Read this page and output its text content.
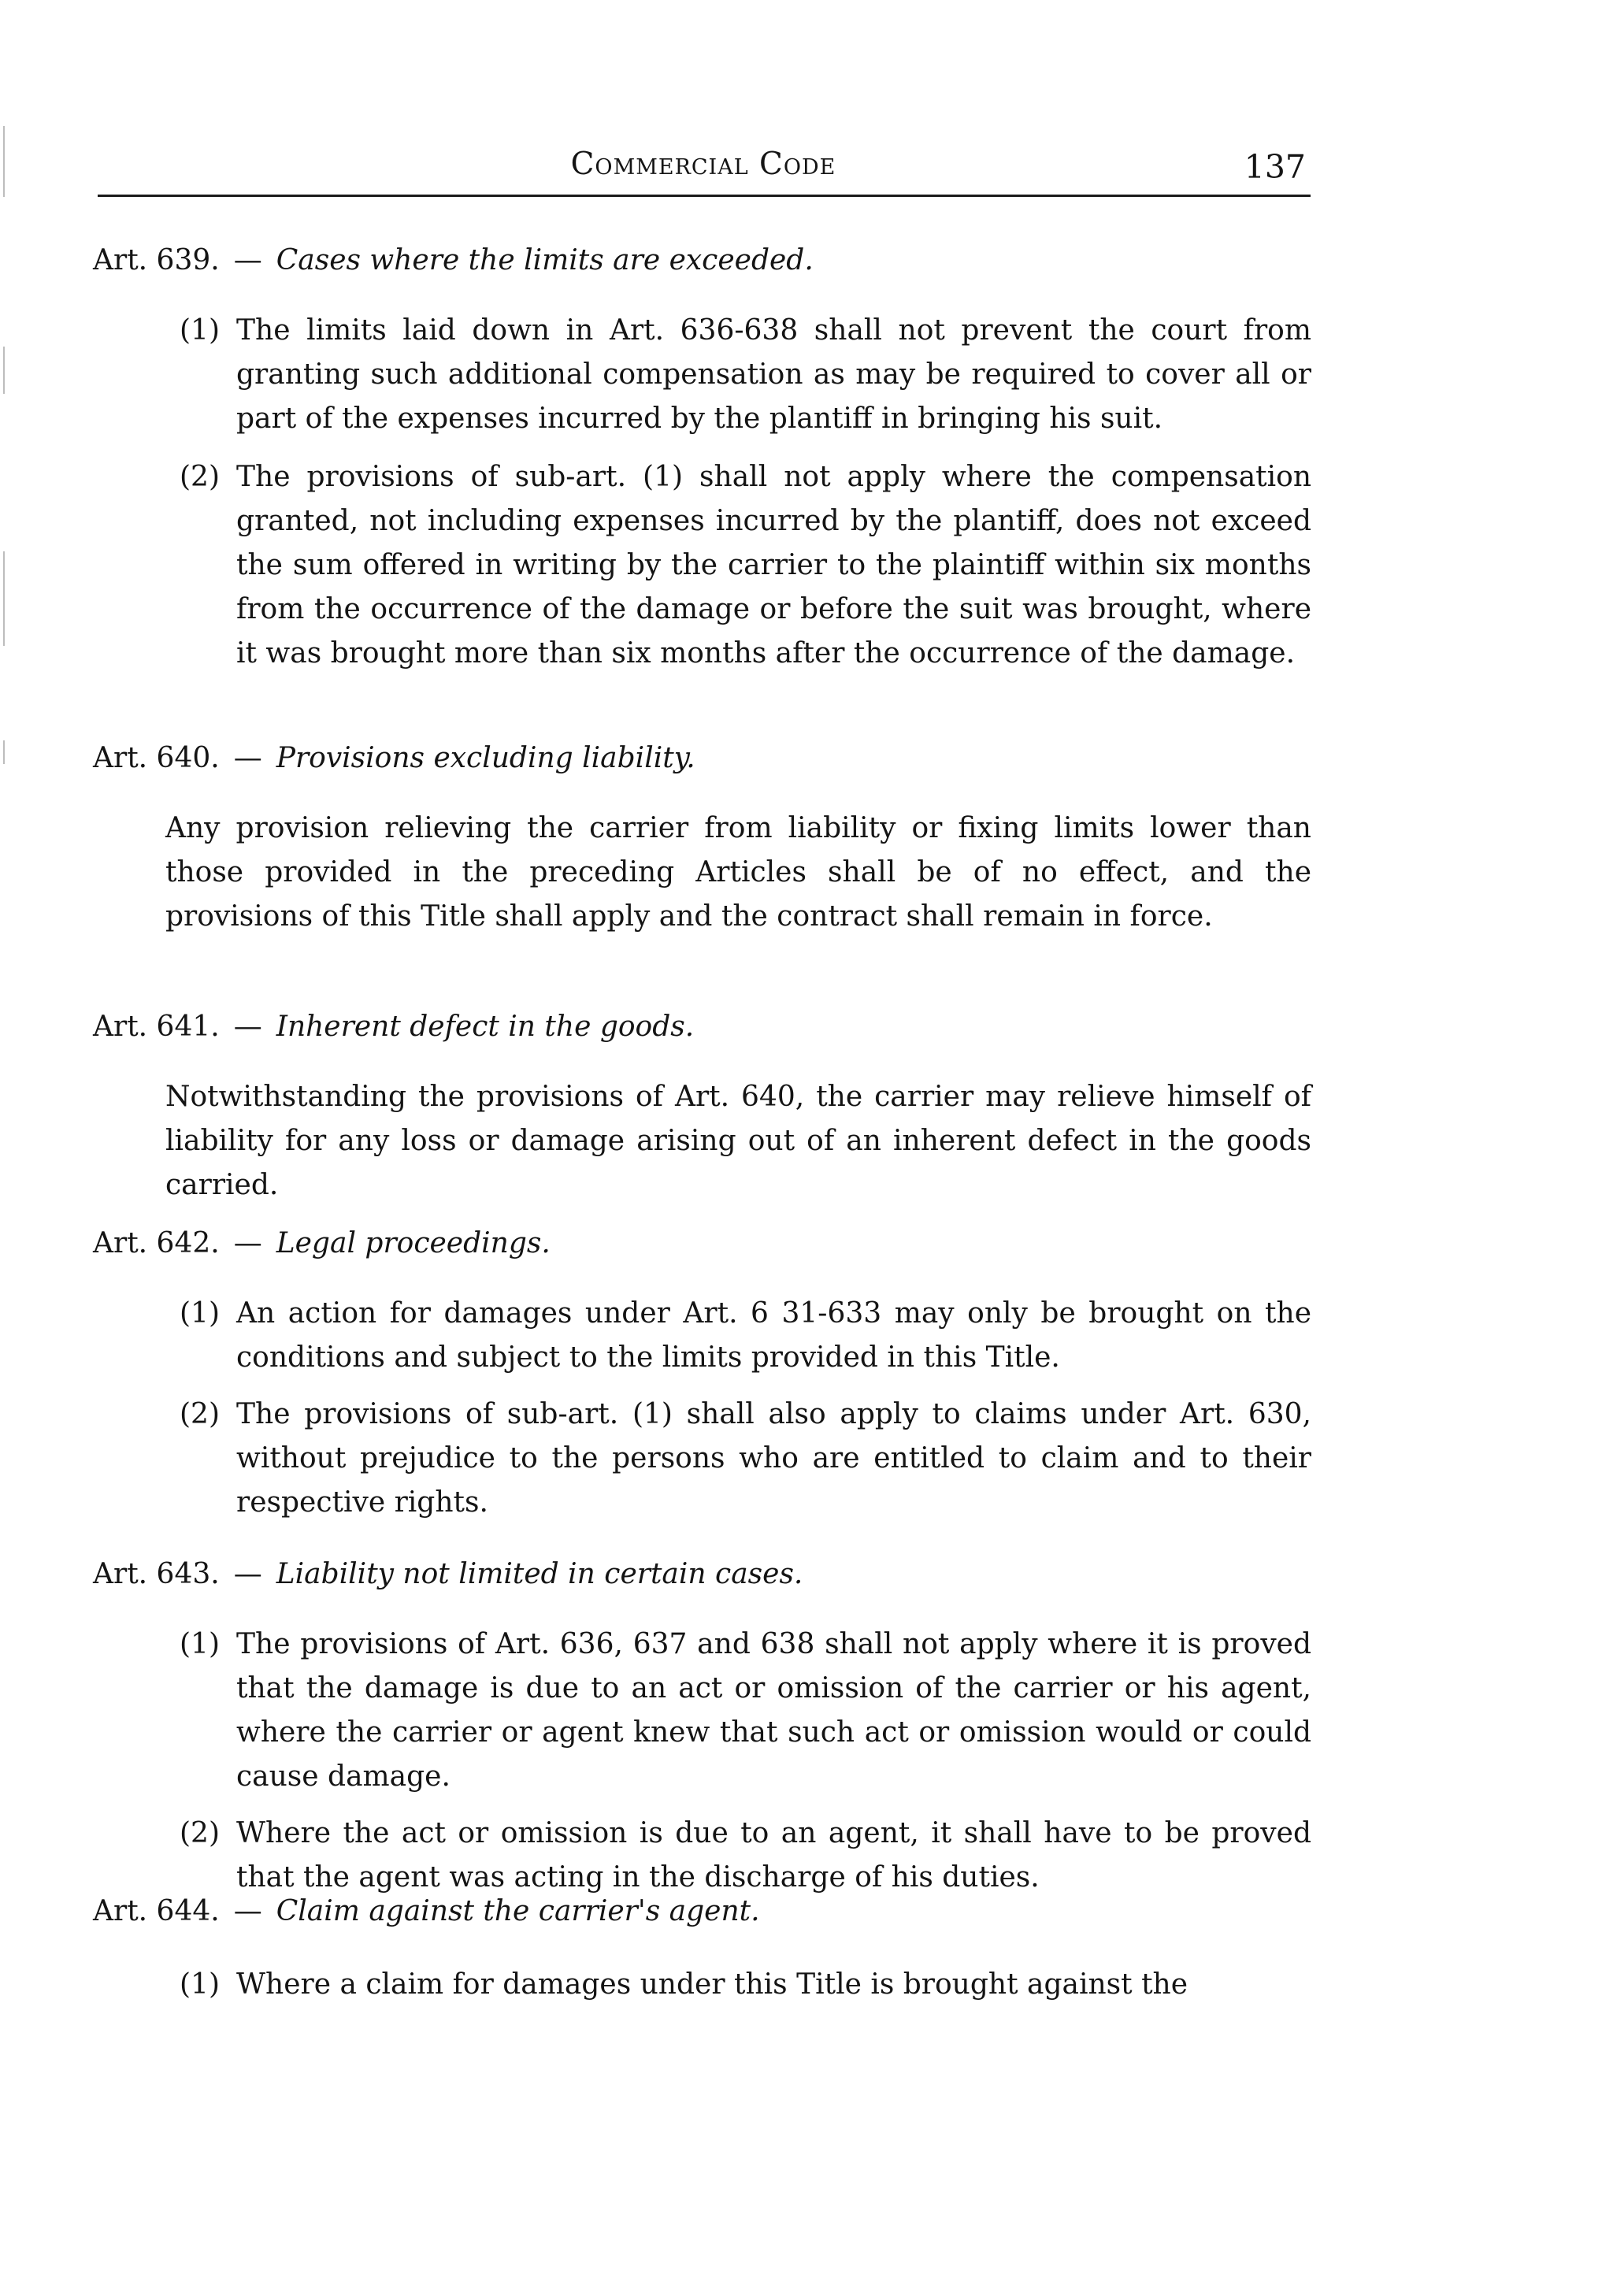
Commercial Code	137
Art. 639. — Cases where the limits are exceeded.
(1) The limits laid down in Art. 636-638 shall not prevent the court from granting such additional compensation as may be required to cover all or part of the expenses incurred by the plantiff in bringing his suit.
(2) The provisions of sub-art. (1) shall not apply where the compensation granted, not including expenses incurred by the plantiff, does not exceed the sum offered in writing by the carrier to the plaintiff within six months from the occurrence of the damage or before the suit was brought, where it was brought more than six months after the occurrence of the damage.
Art. 640. — Provisions excluding liability.
Any provision relieving the carrier from liability or fixing limits lower than those provided in the preceding Articles shall be of no effect, and the provisions of this Title shall apply and the contract shall remain in force.
Art. 641. — Inherent defect in the goods.
Notwithstanding the provisions of Art. 640, the carrier may relieve himself of liability for any loss or damage arising out of an inherent defect in the goods carried.
Art. 642. — Legal proceedings.
(1) An action for damages under Art. 6 31-633 may only be brought on the conditions and subject to the limits provided in this Title.
(2) The provisions of sub-art. (1) shall also apply to claims under Art. 630, without prejudice to the persons who are entitled to claim and to their respective rights.
Art. 643. — Liability not limited in certain cases.
(1) The provisions of Art. 636, 637 and 638 shall not apply where it is proved that the damage is due to an act or omission of the carrier or his agent, where the carrier or agent knew that such act or omission would or could cause damage.
(2) Where the act or omission is due to an agent, it shall have to be proved that the agent was acting in the discharge of his duties.
Art. 644. — Claim against the carrier's agent.
(1) Where a claim for damages under this Title is brought against the
